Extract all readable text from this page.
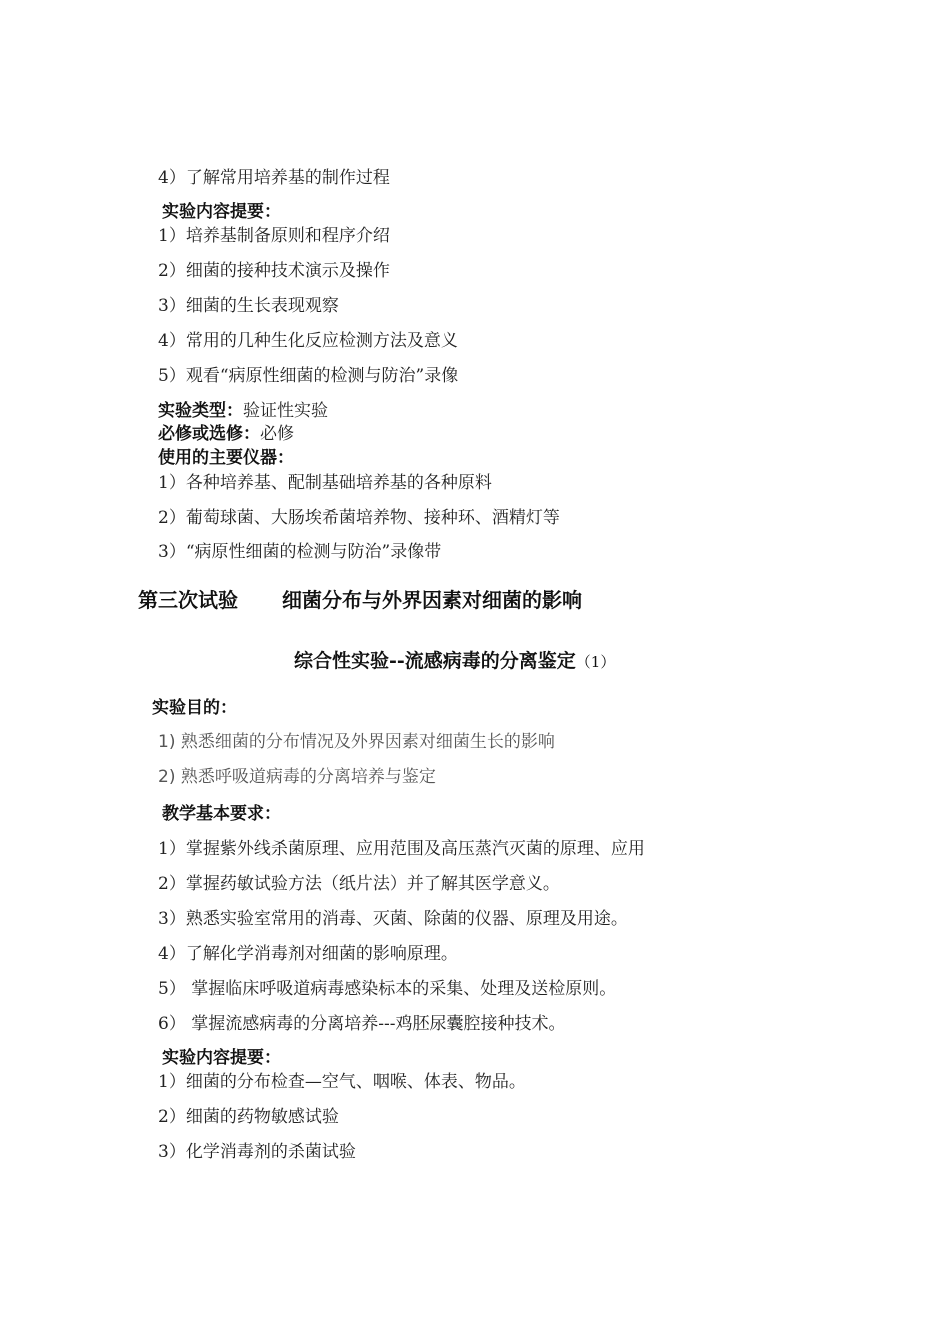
4）了解常用培养基的制作过程
实验内容提要：
1）培养基制备原则和程序介绍
2）细菌的接种技术演示及操作
3）细菌的生长表现观察
4）常用的几种生化反应检测方法及意义
5）观看“病原性细菌的检测与防治”录像
实验类型：验证性实验
必修或选修：必修
使用的主要仪器：
1）各种培养基、配制基础培养基的各种原料
2）葡萄球菌、大肠埃希菌培养物、接种环、酒精灯等
3）“病原性细菌的检测与防治”录像带
第三次试验 细菌分布与外界因素对细菌的影响
综合性实验--流感病毒的分离鉴定（1）
实验目的：
1) 熟悉细菌的分布情况及外界因素对细菌生长的影响
2) 熟悉呼吸道病毒的分离培养与鉴定
教学基本要求：
1）掌握紫外线杀菌原理、应用范围及高压蒸汽灭菌的原理、应用
2）掌握药敏试验方法（纸片法）并了解其医学意义。
3）熟悉实验室常用的消毒、灭菌、除菌的仪器、原理及用途。
4）了解化学消毒剂对细菌的影响原理。
5） 掌握临床呼吸道病毒感染标本的采集、处理及送检原则。
6） 掌握流感病毒的分离培养---鸡胚尿囊腔接种技术。
实验内容提要：
1）细菌的分布检查—空气、咽喉、体表、物品。
2）细菌的药物敏感试验
3）化学消毒剂的杀菌试验
